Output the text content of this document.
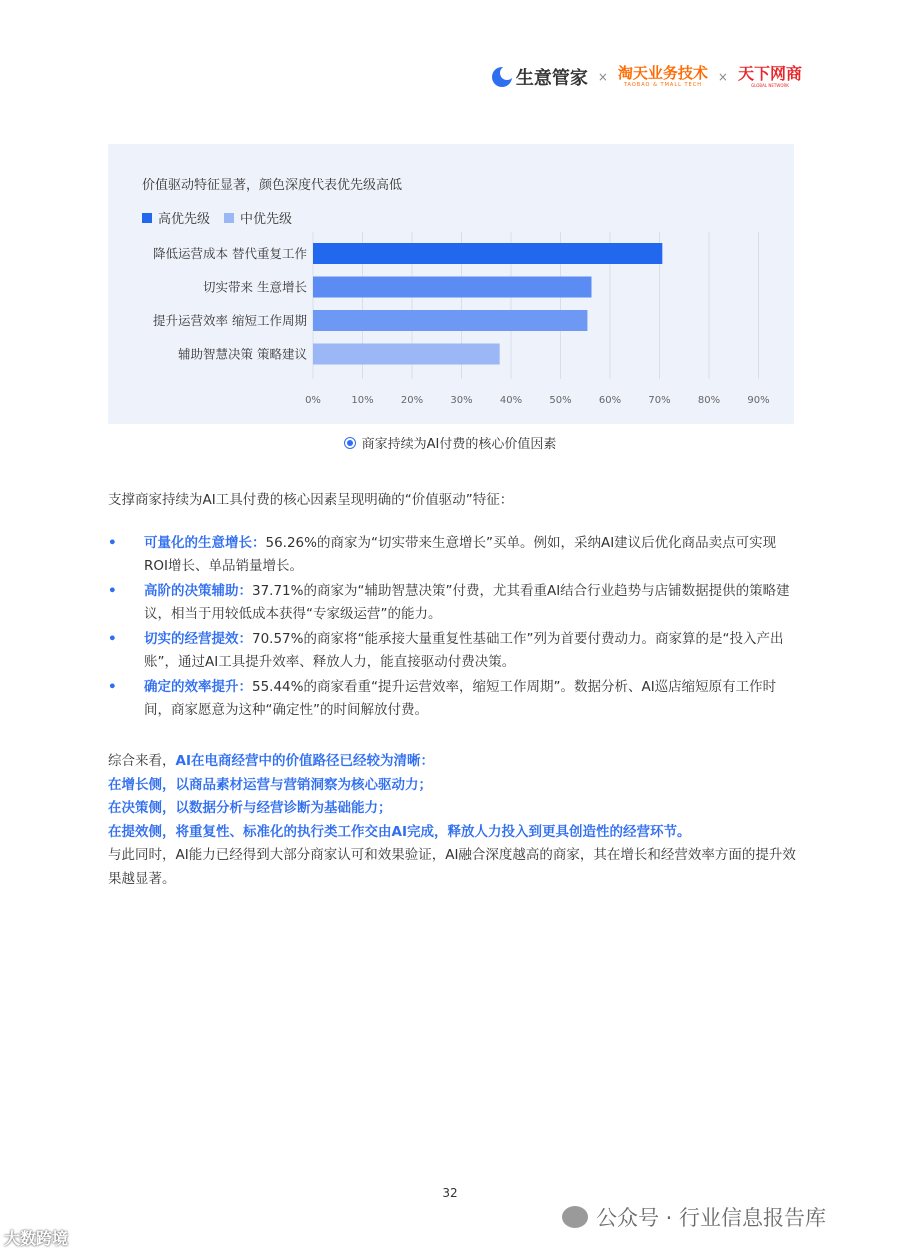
生意管家 × 淘天业务技术
TAOBAO & TMALL TECH
× 天下网商
GLOBAL NETWORK
价值驱动特征显著，颜色深度代表优先级高低
高优先级 中优先级
0%	10%	20%	30%	40%	50%	60%	70%	80%	90%
降低运营成本 替代重复工作
切实带来 生意增长
提升运营效率 缩短工作周期
辅助智慧决策 策略建议
商家持续为AI付费的核心价值因素
支撑商家持续为AI工具付费的核心因素呈现明确的“价值驱动”特征：
• 可量化的生意增长：56.26%的商家为“切实带来生意增长”买单。例如，采纳AI建议后优化商品卖点可实现ROI增长、单品销量增长。
• 高阶的决策辅助：37.71%的商家为“辅助智慧决策”付费，尤其看重AI结合行业趋势与店铺数据提供的策略建议，相当于用较低成本获得“专家级运营”的能力。
• 切实的经营提效：70.57%的商家将“能承接大量重复性基础工作”列为首要付费动力。商家算的是“投入产出账”，通过AI工具提升效率、释放人力，能直接驱动付费决策。
• 确定的效率提升：55.44%的商家看重“提升运营效率，缩短工作周期”。数据分析、AI巡店缩短原有工作时间，商家愿意为这种“确定性”的时间解放付费。
综合来看，AI在电商经营中的价值路径已经较为清晰：
在增长侧，以商品素材运营与营销洞察为核心驱动力；
在决策侧，以数据分析与经营诊断为基础能力；
在提效侧，将重复性、标准化的执行类工作交由AI完成，释放人力投入到更具创造性的经营环节。
与此同时，AI能力已经得到大部分商家认可和效果验证，AI融合深度越高的商家，其在增长和经营效率方面的提升效果越显著。
32
公众号 · 行业信息报告库
大数跨境
